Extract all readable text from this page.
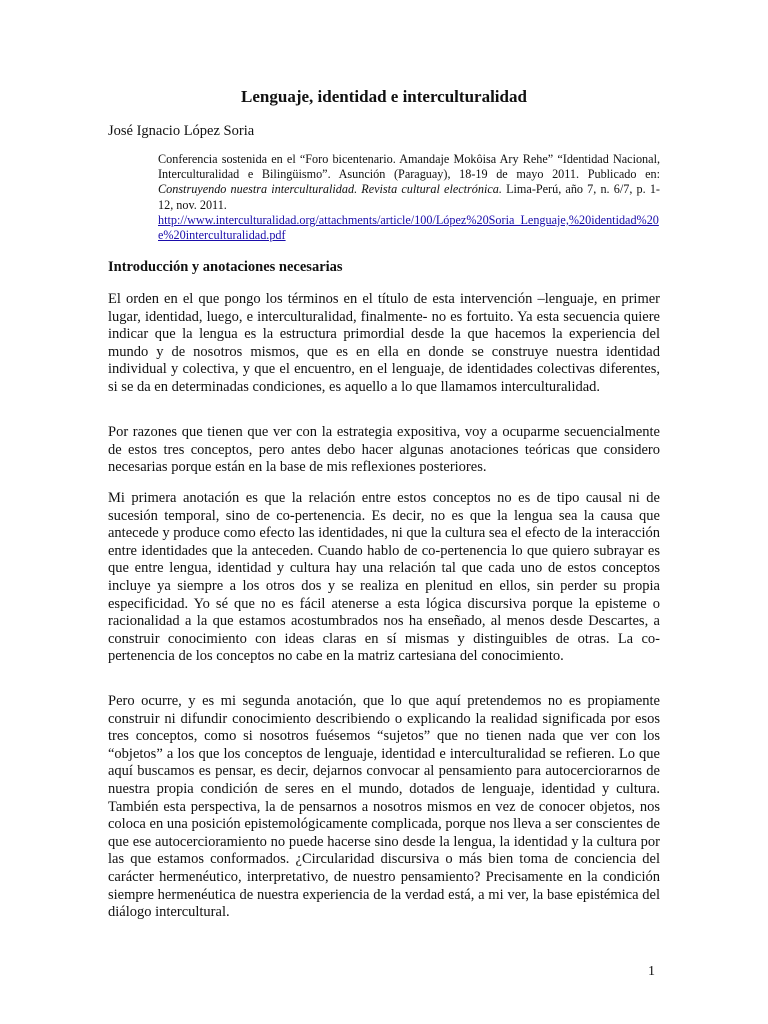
Lenguaje, identidad e interculturalidad

José Ignacio López Soria

Conferencia sostenida en el “Foro bicentenario. Amandaje Mokôisa Ary Rehe” “Identidad Nacional, Interculturalidad e Bilingüismo”. Asunción (Paraguay), 18-19 de mayo 2011. Publicado en: Construyendo nuestra interculturalidad. Revista cultural electrónica. Lima-Perú, año 7, n. 6/7, p. 1-12, nov. 2011.
http://www.interculturalidad.org/attachments/article/100/López%20Soria_Lenguaje,%20identidad%20e%20interculturalidad.pdf

Introducción y anotaciones necesarias

El orden en el que pongo los términos en el título de esta intervención –lenguaje, en primer lugar, identidad, luego, e interculturalidad, finalmente- no es fortuito. Ya esta secuencia quiere indicar que la lengua es la estructura primordial desde la que hacemos la experiencia del mundo y de nosotros mismos, que es en ella en donde se construye nuestra identidad individual y colectiva, y que el encuentro, en el lenguaje, de identidades colectivas diferentes, si se da en determinadas condiciones, es aquello a lo que llamamos interculturalidad.

Por razones que tienen que ver con la estrategia expositiva, voy a ocuparme secuencialmente de estos tres conceptos, pero antes debo hacer algunas anotaciones teóricas que considero necesarias porque están en la base de mis reflexiones posteriores.

Mi primera anotación es que la relación entre estos conceptos no es de tipo causal ni de sucesión temporal, sino de co-pertenencia. Es decir, no es que la lengua sea la causa que antecede y produce como efecto las identidades, ni que la cultura sea el efecto de la interacción entre identidades que la anteceden. Cuando hablo de co-pertenencia lo que quiero subrayar es que entre lengua, identidad y cultura hay una relación tal que cada uno de estos conceptos incluye ya siempre a los otros dos y se realiza en plenitud en ellos, sin perder su propia especificidad. Yo sé que no es fácil atenerse a esta lógica discursiva porque la episteme o racionalidad a la que estamos acostumbrados nos ha enseñado, al menos desde Descartes, a construir conocimiento con ideas claras en sí mismas y distinguibles de otras. La co-pertenencia de los conceptos no cabe en la matriz cartesiana del conocimiento.

Pero ocurre, y es mi segunda anotación, que lo que aquí pretendemos no es propiamente construir ni difundir conocimiento describiendo o explicando la realidad significada por esos tres conceptos, como si nosotros fuésemos “sujetos” que no tienen nada que ver con los “objetos” a los que los conceptos de lenguaje, identidad e interculturalidad se refieren. Lo que aquí buscamos es pensar, es decir, dejarnos convocar al pensamiento para autocerciorarnos de nuestra propia condición de seres en el mundo, dotados de lenguaje, identidad y cultura. También esta perspectiva, la de pensarnos a nosotros mismos en vez de conocer objetos, nos coloca en una posición epistemológicamente complicada, porque nos lleva a ser conscientes de que ese autocercioramiento no puede hacerse sino desde la lengua, la identidad y la cultura por las que estamos conformados. ¿Circularidad discursiva o más bien toma de conciencia del carácter hermenéutico, interpretativo, de nuestro pensamiento? Precisamente en la condición siempre hermenéutica de nuestra experiencia de la verdad está, a mi ver, la base epistémica del diálogo intercultural.

1
